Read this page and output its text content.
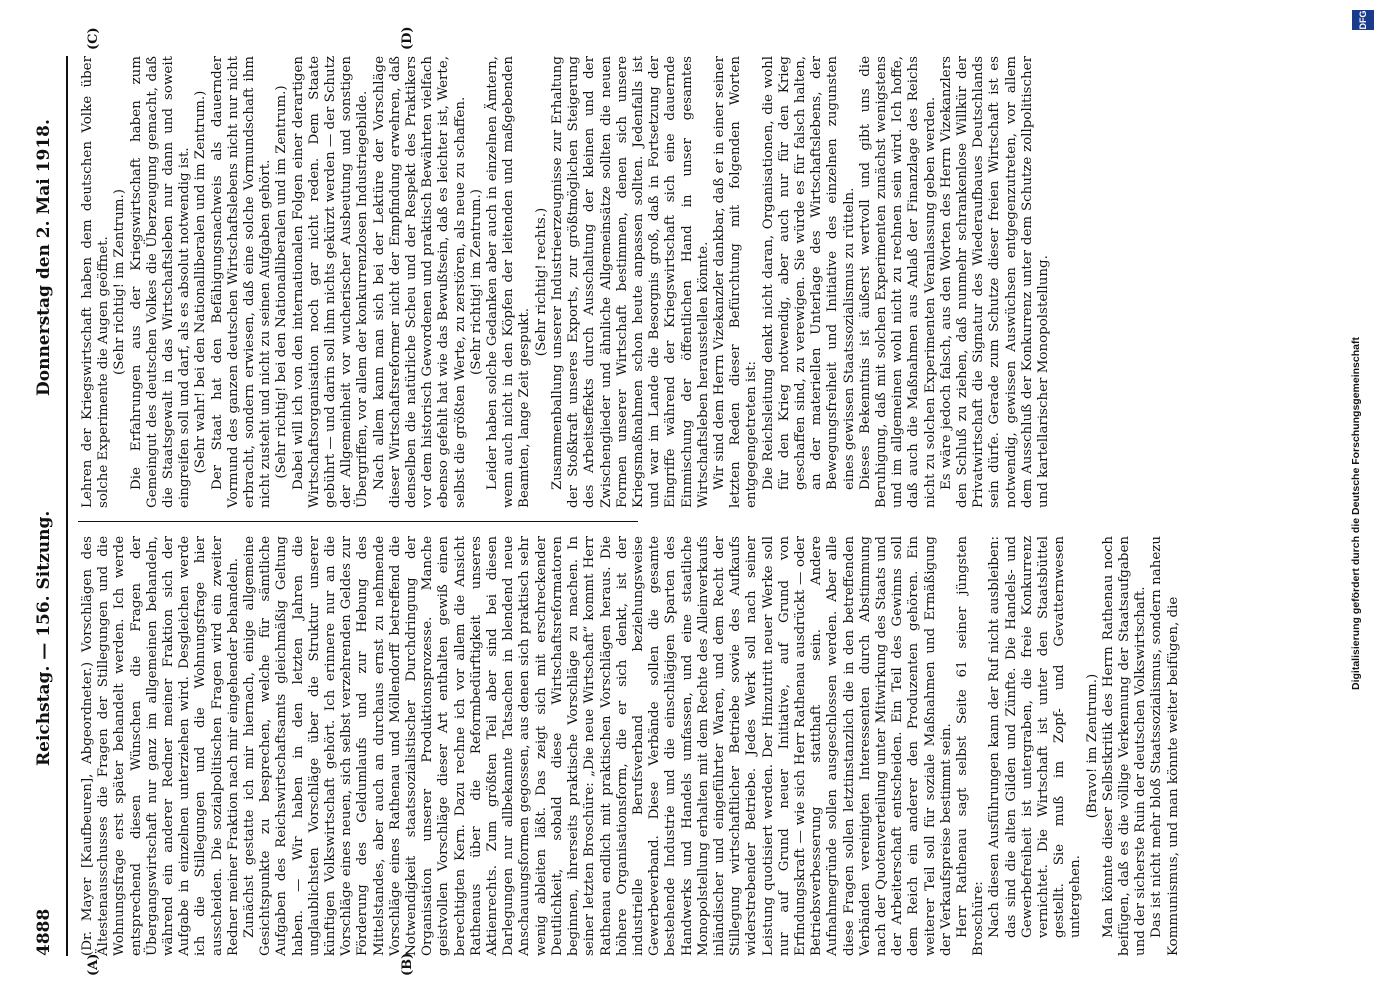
4888
Reichstag. — 156. Sitzung.
Donnerstag den 2. Mai 1918.
(A)	(B)
(C)	(D)

(Dr. Mayer [Kaufbeuren], Abgeordneter.) Vorschlägen des Ältestenausschusses die Fragen der Stillegungen und die Wohnungsfrage erst später behandelt werden. Ich werde entsprechend diesen Wünschen die Fragen der Übergangswirtschaft nur ganz im allgemeinen behandeln, während ein anderer Redner meiner Fraktion sich der Aufgabe in einzelnen unterziehen wird. Desgleichen werde ich die Stillegungen und die Wohnungsfrage hier ausscheiden. Die sozialpolitischen Fragen wird ein zweiter Redner meiner Fraktion nach mir eingehender behandeln. Zunächst gestatte ich mir hiernach, einige allgemeine Gesichtspunkte zu besprechen, welche für sämtliche Aufgaben des Reichswirtschaftsamts gleichmäßig Geltung haben. — Wir haben in den letzten Jahren die unglaublichsten Vorschläge über die Struktur unserer künftigen Volkswirtschaft gehört. Ich erinnere nur an die Vorschläge eines neuen, sich selbst verzehrenden Geldes zur Förderung des Geldumlaufs und zur Hebung des Mittelstandes, aber auch an durchaus ernst zu nehmende Vorschläge eines Rathenau und Möllendorff betreffend die Notwendigkeit staatssozialistischer Durchdringung der Organisation unserer Produktionsprozesse. Manche geistvollen Vorschläge dieser Art enthalten gewiß einen berechtigten Kern. Dazu rechne ich vor allem die Ansicht Rathenaus über die Reformbedürftigkeit unseres Aktienrechts. Zum größten Teil aber sind bei diesen Darlegungen nur allbekannte Tatsachen in blendend neue Anschauungsformen gegossen, aus denen sich praktisch sehr wenig ableiten läßt. Das zeigt sich mit erschreckender Deutlichkeit, sobald diese Wirtschaftsreformatoren beginnen, ihrerseits praktische Vorschläge zu machen. In seiner letzten Broschüre: „Die neue Wirtschaft“ kommt Herr Rathenau endlich mit praktischen Vorschlägen heraus. Die höhere Organisationsform, die er sich denkt, ist der industrielle Berufsverband beziehungsweise Gewerbeverband. Diese Verbände sollen die gesamte bestehende Industrie und die einschlägigen Sparten des Handwerks und Handels umfassen, und eine staatliche Monopolstellung erhalten mit dem Rechte des Alleinverkaufs inländischer und eingeführter Waren, und dem Recht der Stillegung wirtschaftlicher Betriebe sowie des Aufkaufs widerstrebender Betriebe. Jedes Werk soll nach seiner Leistung quotisiert werden. Der Hinzutritt neuer Werke soll nur auf Grund neuer Initiative, auf Grund von Erfindungskraft — wie sich Herr Rathenau ausdrückt — oder Betriebsverbesserung statthaft sein. Andere Aufnahmegründe sollen ausgeschlossen werden. Aber alle diese Fragen sollen letztinstanzlich die in den betreffenden Verbänden vereinigten Interessenten durch Abstimmung nach der Quotenverteilung unter Mitwirkung des Staats und der Arbeiterschaft entscheiden. Ein Teil des Gewinns soll dem Reich ein anderer den Produzenten gehören. Ein weiterer Teil soll für soziale Maßnahmen und Ermäßigung der Verkaufspreise bestimmt sein. Herr Rathenau sagt selbst Seite 61 seiner jüngsten Broschüre: Nach diesen Ausführungen kann der Ruf nicht ausbleiben: das sind die alten Gilden und Zünfte. Die Handels- und Gewerbefreiheit ist untergraben, die freie Konkurrenz vernichtet. Die Wirtschaft ist unter den Staatsbüttel gestellt. Sie muß im Zopf- und Gevatternwesen untergehen.

(Bravo! im Zentrum.) Man könnte dieser Selbstkritik des Herrn Rathenau noch beifügen, daß es die völlige Verkennung der Staatsaufgaben und der sicherste Ruin der deutschen Volkswirtschaft. Das ist nicht mehr bloß Staatssozialismus, sondern nahezu Kommunismus, und man könnte weiter beifügen, die

Lehren der Kriegswirtschaft haben dem deutschen Volke über solche Experimente die Augen geöffnet. (Sehr richtig! im Zentrum.) Die Erfahrungen aus der Kriegswirtschaft haben zum Gemeingut des deutschen Volkes die Überzeugung gemacht, daß die Staatsgewalt in das Wirtschaftsleben nur dann und soweit eingreifen soll und darf, als es absolut notwendig ist. (Sehr wahr! bei den Nationalliberalen und im Zentrum.) Der Staat hat den Befähigungsnachweis als dauernder Vormund des ganzen deutschen Wirtschaftslebens nicht nur nicht erbracht, sondern erwiesen, daß eine solche Vormundschaft ihm nicht zusteht und nicht zu seinen Aufgaben gehört. (Sehr richtig! bei den Nationalliberalen und im Zentrum.) Dabei will ich von den internationalen Folgen einer derartigen Wirtschaftsorganisation noch gar nicht reden. Dem Staate gebührt — und darin soll ihm nichts gekürzt werden — der Schutz der Allgemeinheit vor wucherischer Ausbeutung und sonstigen Übergriffen, vor allem der konkurrenzlosen Industriegebilde. Nach allem kann man sich bei der Lektüre der Vorschläge dieser Wirtschaftsreformer nicht der Empfindung erwehren, daß denselben die natürliche Scheu und der Respekt des Praktikers vor dem historisch Gewordenen und praktisch Bewährten vielfach ebenso gefehlt hat wie das Bewußtsein, daß es leichter ist, Werte, selbst die größten Werte, zu zerstören, als neue zu schaffen. (Sehr richtig! im Zentrum.) Leider haben solche Gedanken aber auch in einzelnen Ämtern, wenn auch nicht in den Köpfen der leitenden und maßgebenden Beamten, lange Zeit gespukt.

(Sehr richtig! rechts.) Zusammenballung unserer Industrieerzeugnisse zur Erhaltung der Stoßkraft unseres Exports, zur größtmöglichen Steigerung des Arbeitseffekts durch Ausschaltung der kleinen und der Zwischenglieder und ähnliche Allgemeinsätze sollten die neuen Formen unserer Wirtschaft bestimmen, denen sich unsere Kriegsmaßnahmen schon heute anpassen sollten. Jedenfalls ist und war im Lande die Besorgnis groß, daß in Fortsetzung der Eingriffe während der Kriegswirtschaft sich eine dauernde Einmischung der öffentlichen Hand in unser gesamtes Wirtschaftsleben herausstellen könnte. Wir sind dem Herrn Vizekanzler dankbar, daß er in einer seiner letzten Reden dieser Befürchtung mit folgenden Worten entgegengetreten ist: Die Reichsleitung denkt nicht daran, Organisationen, die wohl für den Krieg notwendig, aber auch nur für den Krieg geschaffen sind, zu verewigen. Sie würde es für falsch halten, an der materiellen Unterlage des Wirtschaftslebens, der Bewegungsfreiheit und Initiative des einzelnen zugunsten eines gewissen Staatssozialismus zu rütteln. Dieses Bekenntnis ist äußerst wertvoll und gibt uns die Beruhigung, daß mit solchen Experimenten zunächst wenigstens und im allgemeinen wohl nicht zu rechnen sein wird. Ich hoffe, daß auch die Maßnahmen aus Anlaß der Finanzlage des Reichs nicht zu solchen Experimenten Veranlassung geben werden. Es wäre jedoch falsch, aus den Worten des Herrn Vizekanzlers den Schluß zu ziehen, daß nunmehr schrankenlose Willkür der Privatwirtschaft die Signatur des Wiederaufbaues Deutschlands sein dürfe. Gerade zum Schutze dieser freien Wirtschaft ist es notwendig, gewissen Auswüchsen entgegenzutreten, vor allem dem Ausschluß der Konkurrenz unter dem Schutze zollpolitischer und kartellarischer Monopolstellung.	Digitalisierung gefördert durch die Deutsche Forschungsgemeinschaft
DFG
